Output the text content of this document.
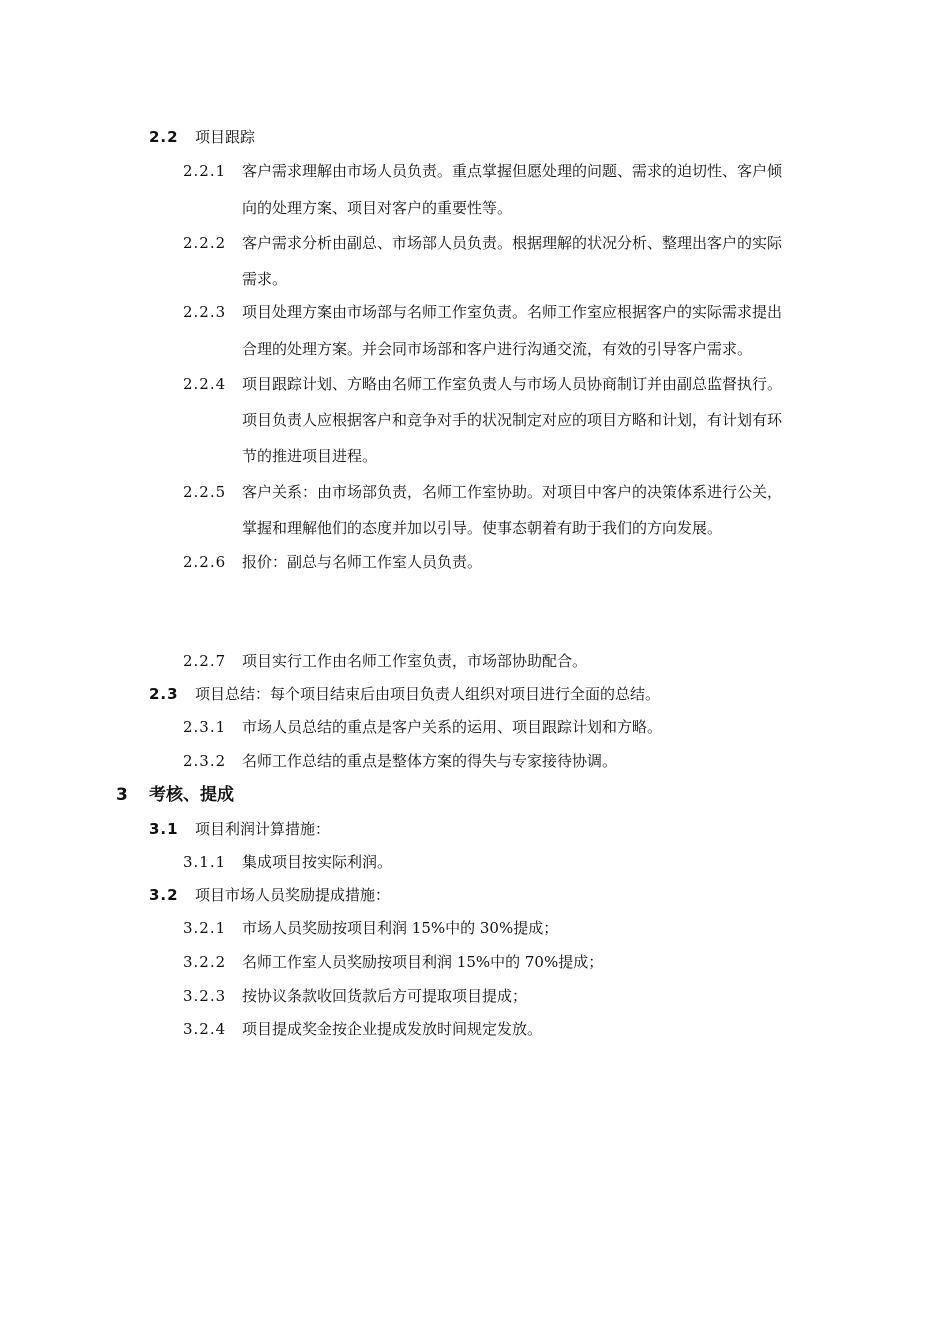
2.2 项目跟踪
2.2.1 客户需求理解由市场人员负责。重点掌握但愿处理的问题、需求的迫切性、客户倾
向的处理方案、项目对客户的重要性等。
2.2.2 客户需求分析由副总、市场部人员负责。根据理解的状况分析、整理出客户的实际
需求。
2.2.3 项目处理方案由市场部与名师工作室负责。名师工作室应根据客户的实际需求提出
合理的处理方案。并会同市场部和客户进行沟通交流，有效的引导客户需求。
2.2.4 项目跟踪计划、方略由名师工作室负责人与市场人员协商制订并由副总监督执行。
项目负责人应根据客户和竞争对手的状况制定对应的项目方略和计划，有计划有环
节的推进项目进程。
2.2.5 客户关系：由市场部负责，名师工作室协助。对项目中客户的决策体系进行公关，
掌握和理解他们的态度并加以引导。使事态朝着有助于我们的方向发展。
2.2.6 报价：副总与名师工作室人员负责。
2.2.7 项目实行工作由名师工作室负责，市场部协助配合。
2.3 项目总结：每个项目结束后由项目负责人组织对项目进行全面的总结。
2.3.1 市场人员总结的重点是客户关系的运用、项目跟踪计划和方略。
2.3.2 名师工作总结的重点是整体方案的得失与专家接待协调。
3 考核、提成
3.1 项目利润计算措施：
3.1.1 集成项目按实际利润。
3.2 项目市场人员奖励提成措施：
3.2.1 市场人员奖励按项目利润 15%中的 30%提成；
3.2.2 名师工作室人员奖励按项目利润 15%中的 70%提成；
3.2.3 按协议条款收回货款后方可提取项目提成；
3.2.4 项目提成奖金按企业提成发放时间规定发放。
